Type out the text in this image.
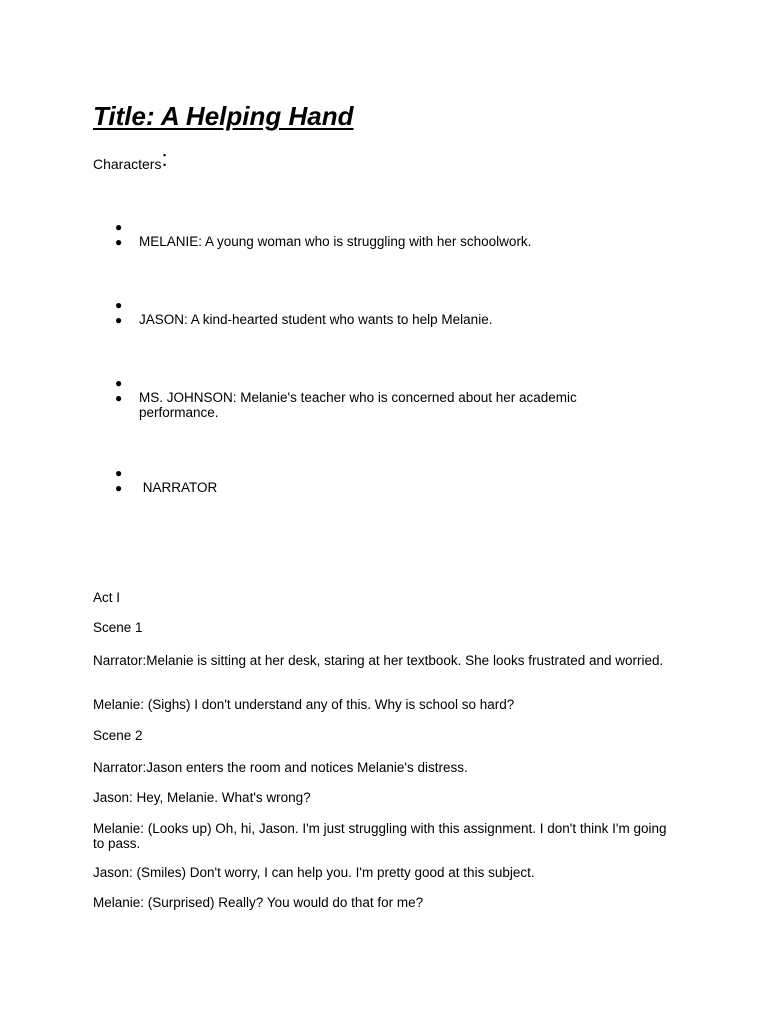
Title: A Helping Hand
Characters:
●
● MELANIE: A young woman who is struggling with her schoolwork.
●
● JASON: A kind-hearted student who wants to help Melanie.
●
● MS. JOHNSON: Melanie's teacher who is concerned about her academic performance.
●
● NARRATOR
Act I
Scene 1
Narrator:Melanie is sitting at her desk, staring at her textbook. She looks frustrated and worried.
Melanie: (Sighs) I don't understand any of this. Why is school so hard?
Scene 2
Narrator:Jason enters the room and notices Melanie's distress.
Jason: Hey, Melanie. What's wrong?
Melanie: (Looks up) Oh, hi, Jason. I'm just struggling with this assignment. I don't think I'm going to pass.
Jason: (Smiles) Don't worry, I can help you. I'm pretty good at this subject.
Melanie: (Surprised) Really? You would do that for me?
